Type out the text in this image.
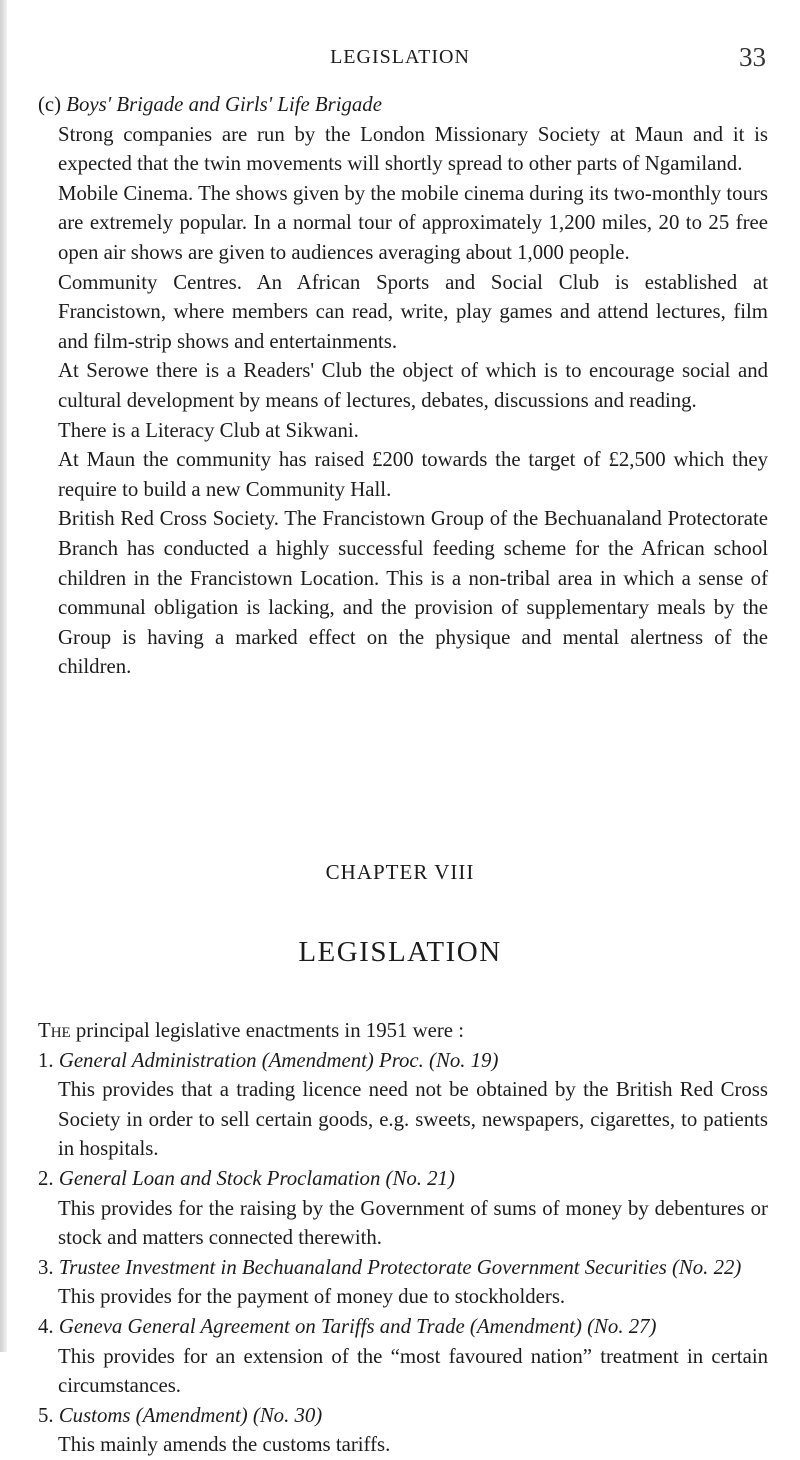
LEGISLATION	33

(c) Boys' Brigade and Girls' Life Brigade

Strong companies are run by the London Missionary Society at Maun and it is expected that the twin movements will shortly spread to other parts of Ngamiland.

Mobile Cinema. The shows given by the mobile cinema during its two-monthly tours are extremely popular. In a normal tour of approximately 1,200 miles, 20 to 25 free open air shows are given to audiences averaging about 1,000 people.

Community Centres. An African Sports and Social Club is established at Francistown, where members can read, write, play games and attend lectures, film and film-strip shows and entertainments.

At Serowe there is a Readers' Club the object of which is to encourage social and cultural development by means of lectures, debates, discussions and reading.

There is a Literacy Club at Sikwani.

At Maun the community has raised £200 towards the target of £2,500 which they require to build a new Community Hall.

British Red Cross Society. The Francistown Group of the Bechuanaland Protectorate Branch has conducted a highly successful feeding scheme for the African school children in the Francistown Location. This is a non-tribal area in which a sense of communal obligation is lacking, and the provision of supplementary meals by the Group is having a marked effect on the physique and mental alertness of the children.

CHAPTER VIII
LEGISLATION

The principal legislative enactments in 1951 were :

1. General Administration (Amendment) Proc. (No. 19)

This provides that a trading licence need not be obtained by the British Red Cross Society in order to sell certain goods, e.g. sweets, newspapers, cigarettes, to patients in hospitals.

2. General Loan and Stock Proclamation (No. 21)

This provides for the raising by the Government of sums of money by debentures or stock and matters connected therewith.

3. Trustee Investment in Bechuanaland Protectorate Government Securities (No. 22)

This provides for the payment of money due to stockholders.

4. Geneva General Agreement on Tariffs and Trade (Amendment) (No. 27)

This provides for an extension of the “most favoured nation” treatment in certain circumstances.

5. Customs (Amendment) (No. 30)

This mainly amends the customs tariffs.
